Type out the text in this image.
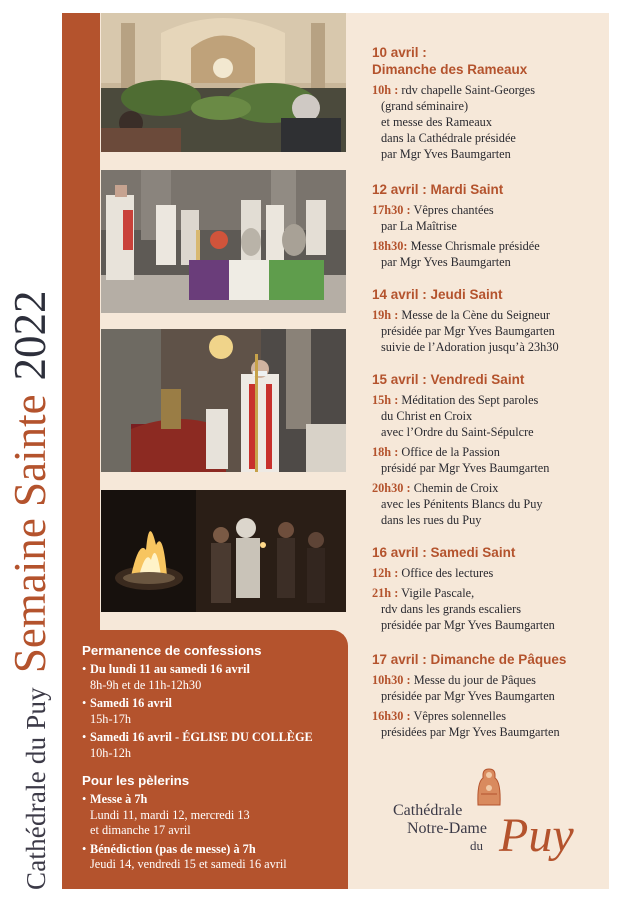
Cathédrale du Puy Semaine Sainte 2022
10 avril :
Dimanche des Rameaux
10h : rdv chapelle Saint-Georges
(grand séminaire)
et messe des Rameaux
dans la Cathédrale présidée
par Mgr Yves Baumgarten
12 avril : Mardi Saint
17h30 : Vêpres chantées
par La Maîtrise
18h30: Messe Chrismale présidée
par Mgr Yves Baumgarten
14 avril : Jeudi Saint
19h : Messe de la Cène du Seigneur
présidée par Mgr Yves Baumgarten
suivie de l’Adoration jusqu’à 23h30
15 avril : Vendredi Saint
15h : Méditation des Sept paroles
du Christ en Croix
avec l’Ordre du Saint-Sépulcre
18h : Office de la Passion
présidé par Mgr Yves Baumgarten
20h30 : Chemin de Croix
avec les Pénitents Blancs du Puy
dans les rues du Puy
16 avril : Samedi Saint
12h : Office des lectures
21h : Vigile Pascale,
rdv dans les grands escaliers
présidée par Mgr Yves Baumgarten
17 avril : Dimanche de Pâques
10h30 : Messe du jour de Pâques
présidée par Mgr Yves Baumgarten
16h30 : Vêpres solennelles
présidées par Mgr Yves Baumgarten
Permanence de confessions
• Du lundi 11 au samedi 16 avril
8h-9h et de 11h-12h30
• Samedi 16 avril
15h-17h
• Samedi 16 avril - ÉGLISE DU COLLÈGE
10h-12h
Pour les pèlerins
• Messe à 7h
Lundi 11, mardi 12, mercredi 13
et dimanche 17 avril
• Bénédiction (pas de messe) à 7h
Jeudi 14, vendredi 15 et samedi 16 avril
Cathédrale
Notre-Dame
du Puy
